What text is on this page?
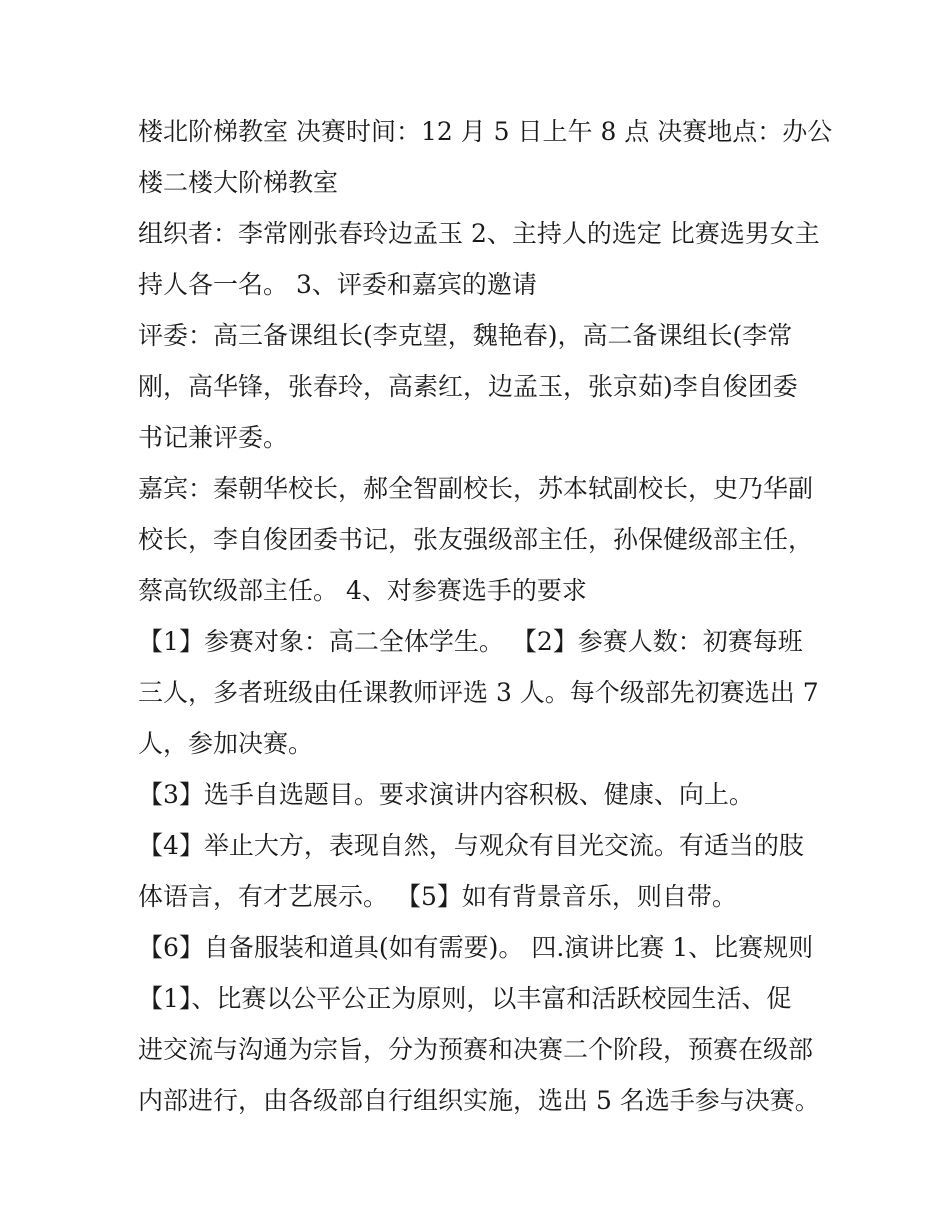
楼北阶梯教室 决赛时间：12 月 5 日上午 8 点 决赛地点：办公
楼二楼大阶梯教室
组织者：李常刚张春玲边孟玉 2、主持人的选定 比赛选男女主
持人各一名。 3、评委和嘉宾的邀请
评委：高三备课组长(李克望，魏艳春)，高二备课组长(李常
刚，高华锋，张春玲，高素红，边孟玉，张京茹)李自俊团委
书记兼评委。
嘉宾：秦朝华校长，郝全智副校长，苏本轼副校长，史乃华副
校长，李自俊团委书记，张友强级部主任，孙保健级部主任，
蔡高钦级部主任。 4、对参赛选手的要求
【1】参赛对象：高二全体学生。 【2】参赛人数：初赛每班
三人，多者班级由任课教师评选 3 人。每个级部先初赛选出 7
人，参加决赛。
【3】选手自选题目。要求演讲内容积极、健康、向上。
【4】举止大方，表现自然，与观众有目光交流。有适当的肢
体语言，有才艺展示。 【5】如有背景音乐，则自带。
【6】自备服装和道具(如有需要)。 四.演讲比赛 1、比赛规则
【1】、比赛以公平公正为原则，以丰富和活跃校园生活、促
进交流与沟通为宗旨，分为预赛和决赛二个阶段，预赛在级部
内部进行，由各级部自行组织实施，选出 5 名选手参与决赛。
